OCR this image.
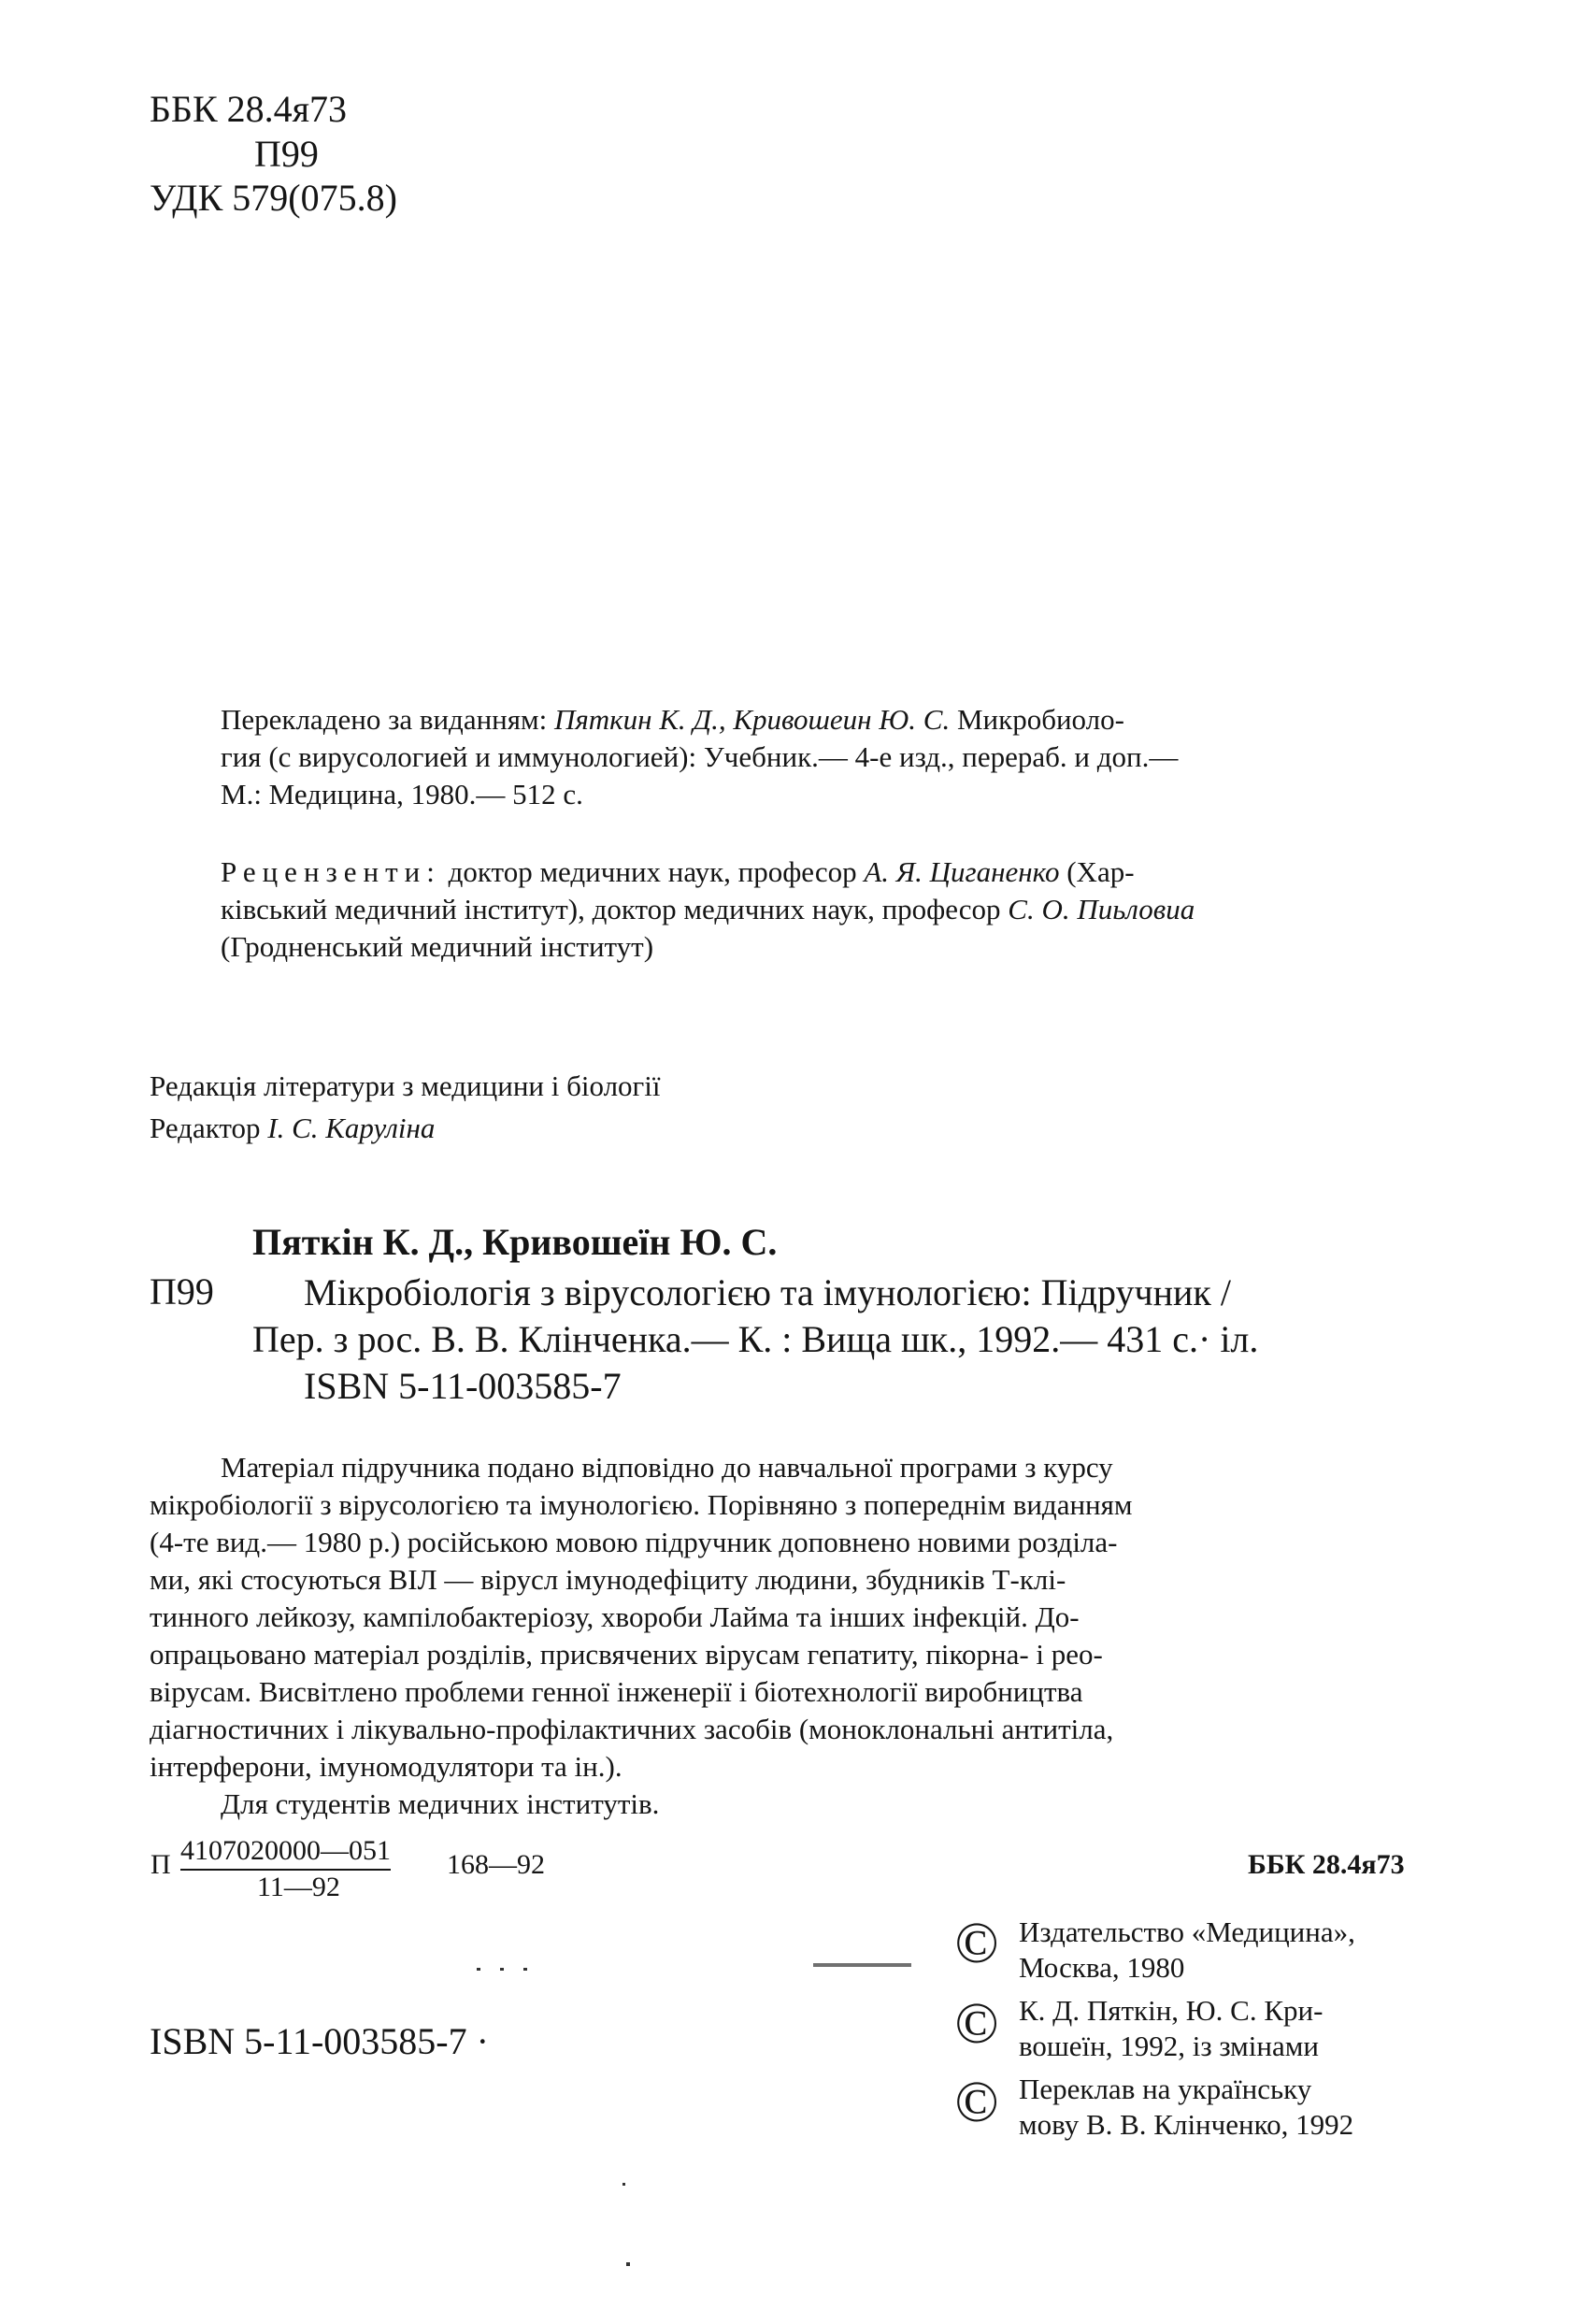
ББК 28.4я73
П99
УДК 579(075.8)
Перекладено за виданням: Пяткин К. Д., Кривошеин Ю. С. Микробиоло-
гия (с вирусологией и иммунологией): Учебник.— 4-е изд., перераб. и доп.—
М.: Медицина, 1980.— 512 с.
Рецензенти: доктор медичних наук, професор А. Я. Циганенко (Хар-
ківський медичний інститут), доктор медичних наук, професор С. О. Пиьловиa
(Гродненський медичний інститут)
Редакція літератури з медицини і біології
Редактор І. С. Каруліна
Пяткін К. Д., Кривошеїн Ю. С.
П99 Мікробіологія з вірусологією та імунологією: Підручник /
Пер. з рос. В. В. Клінченка.— К. : Вища шк., 1992.— 431 с.· іл.
ISBN 5-11-003585-7
Матеріал підручника подано відповідно до навчальної програми з курсу
мікробіології з вірусологією та імунологією. Порівняно з попереднім виданням
(4-те вид.— 1980 р.) російською мовою підручник доповнено новими розділа-
ми, які стосуються ВІЛ — вірусл імунодефіциту людини, збудників Т-клі-
тинного лейкозу, кампілобактеріозу, хвороби Лайма та інших інфекцій. До-
опрацьовано матеріал розділів, присвячених вірусам гепатиту, пікорна- і рео-
вірусам. Висвітлено проблеми генної інженерії і біотехнології виробництва
діагностичних і лікувально-профілактичних засобів (моноклональні антитіла,
інтерферони, імуномодулятори та ін.).
Для студентів медичних інститутів.
П 4107020000—051
11—92
168—92	ББК 28.4я73
ISBN 5-11-003585-7 ·
© Издательство «Медицина»,
Москва, 1980
© К. Д. Пяткін, Ю. С. Кри-
вошеїн, 1992, із змінами
© Переклав на українську
мову В. В. Клінченко, 1992
